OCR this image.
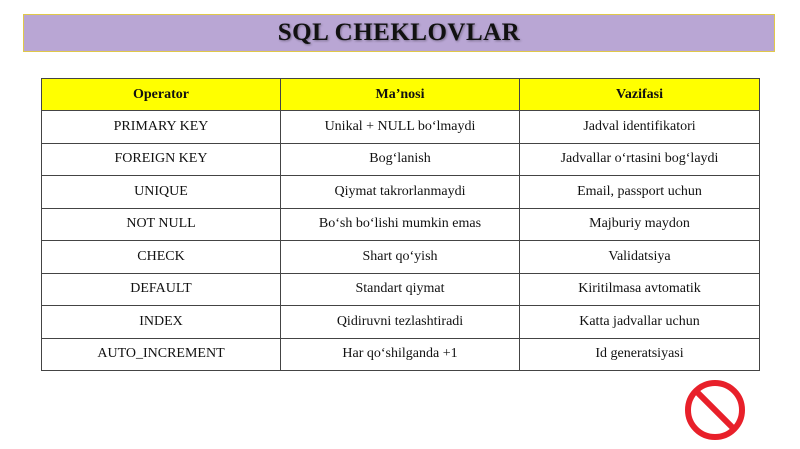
SQL CHEKLOVLAR
Operator	Ma’nosi	Vazifasi
PRIMARY KEY	Unikal + NULL bo‘lmaydi	Jadval identifikatori
FOREIGN KEY	Bog‘lanish	Jadvallar o‘rtasini bog‘laydi
UNIQUE	Qiymat takrorlanmaydi	Email, passport uchun
NOT NULL	Bo‘sh bo‘lishi mumkin emas	Majburiy maydon
CHECK	Shart qo‘yish	Validatsiya
DEFAULT	Standart qiymat	Kiritilmasa avtomatik
INDEX	Qidiruvni tezlashtiradi	Katta jadvallar uchun
AUTO_INCREMENT	Har qo‘shilganda +1	Id generatsiyasi
